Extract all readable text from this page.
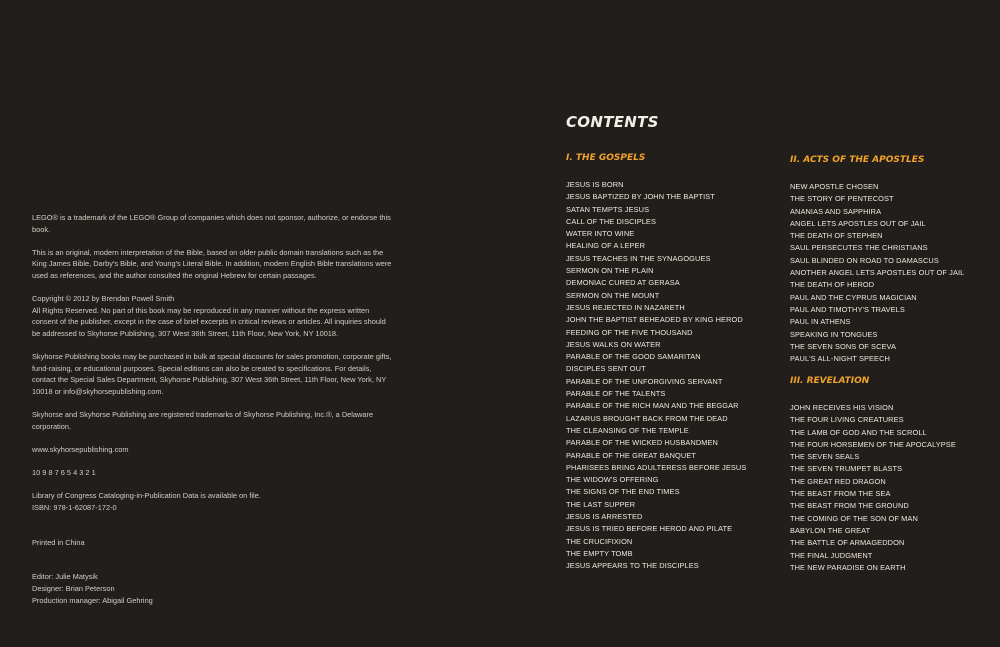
LEGO® is a trademark of the LEGO® Group of companies which does not sponsor, authorize, or endorse this book.

This is an original, modern interpretation of the Bible, based on older public domain translations such as the King James Bible, Darby's Bible, and Young's Literal Bible. In addition, modern English Bible translations were used as references, and the author consulted the original Hebrew for certain passages.

Copyright © 2012 by Brendan Powell Smith
All Rights Reserved. No part of this book may be reproduced in any manner without the express written consent of the publisher, except in the case of brief excerpts in critical reviews or articles. All inquiries should be addressed to Skyhorse Publishing, 307 West 36th Street, 11th Floor, New York, NY 10018.

Skyhorse Publishing books may be purchased in bulk at special discounts for sales promotion, corporate gifts, fund-raising, or educational purposes. Special editions can also be created to specifications. For details, contact the Special Sales Department, Skyhorse Publishing, 307 West 36th Street, 11th Floor, New York, NY 10018 or info@skyhorsepublishing.com.

Skyhorse and Skyhorse Publishing are registered trademarks of Skyhorse Publishing, Inc.®, a Delaware corporation.

www.skyhorsepublishing.com

10 9 8 7 6 5 4 3 2 1

Library of Congress Cataloging-in-Publication Data is available on file.
ISBN: 978-1-62087-172-0

Printed in China

Editor: Julie Matysik
Designer: Brian Peterson
Production manager: Abigail Gehring

CONTENTS
I. THE GOSPELS
JESUS IS BORN
JESUS BAPTIZED BY JOHN THE BAPTIST
SATAN TEMPTS JESUS
CALL OF THE DISCIPLES
WATER INTO WINE
HEALING OF A LEPER
JESUS TEACHES IN THE SYNAGOGUES
SERMON ON THE PLAIN
DEMONIAC CURED AT GERASA
SERMON ON THE MOUNT
JESUS REJECTED IN NAZARETH
JOHN THE BAPTIST BEHEADED BY KING HEROD
FEEDING OF THE FIVE THOUSAND
JESUS WALKS ON WATER
PARABLE OF THE GOOD SAMARITAN
DISCIPLES SENT OUT
PARABLE OF THE UNFORGIVING SERVANT
PARABLE OF THE TALENTS
PARABLE OF THE RICH MAN AND THE BEGGAR
LAZARUS BROUGHT BACK FROM THE DEAD
THE CLEANSING OF THE TEMPLE
PARABLE OF THE WICKED HUSBANDMEN
PARABLE OF THE GREAT BANQUET
PHARISEES BRING ADULTERESS BEFORE JESUS
THE WIDOW'S OFFERING
THE SIGNS OF THE END TIMES
THE LAST SUPPER
JESUS IS ARRESTED
JESUS IS TRIED BEFORE HEROD AND PILATE
THE CRUCIFIXION
THE EMPTY TOMB
JESUS APPEARS TO THE DISCIPLES
II. ACTS OF THE APOSTLES
NEW APOSTLE CHOSEN
THE STORY OF PENTECOST
ANANIAS AND SAPPHIRA
ANGEL LETS APOSTLES OUT OF JAIL
THE DEATH OF STEPHEN
SAUL PERSECUTES THE CHRISTIANS
SAUL BLINDED ON ROAD TO DAMASCUS
ANOTHER ANGEL LETS APOSTLES OUT OF JAIL
THE DEATH OF HEROD
PAUL AND THE CYPRUS MAGICIAN
PAUL AND TIMOTHY'S TRAVELS
PAUL IN ATHENS
SPEAKING IN TONGUES
THE SEVEN SONS OF SCEVA
PAUL'S ALL-NIGHT SPEECH
III. REVELATION
JOHN RECEIVES HIS VISION
THE FOUR LIVING CREATURES
THE LAMB OF GOD AND THE SCROLL
THE FOUR HORSEMEN OF THE APOCALYPSE
THE SEVEN SEALS
THE SEVEN TRUMPET BLASTS
THE GREAT RED DRAGON
THE BEAST FROM THE SEA
THE BEAST FROM THE GROUND
THE COMING OF THE SON OF MAN
BABYLON THE GREAT
THE BATTLE OF ARMAGEDDON
THE FINAL JUDGMENT
THE NEW PARADISE ON EARTH
